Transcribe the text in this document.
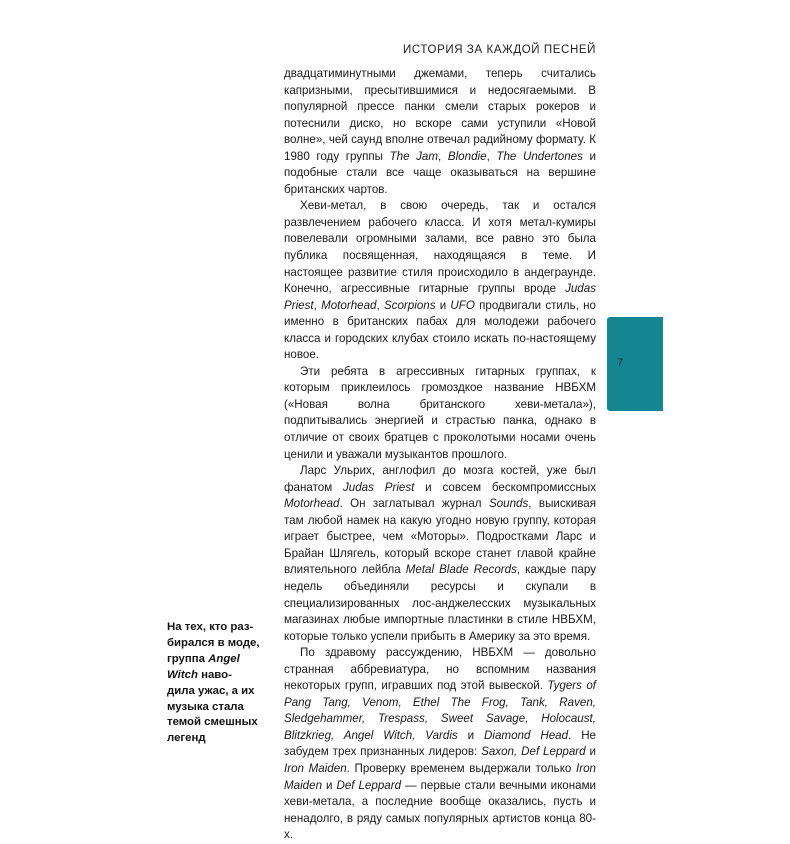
ИСТОРИЯ ЗА КАЖДОЙ ПЕСНЕЙ

двадцатиминутными джемами, теперь считались капризными, пресытившимися и недосягаемыми. В популярной прессе панки смели старых рокеров и потеснили диско, но вскоре сами уступили «Новой волне», чей саунд вполне отвечал радийному формату. К 1980 году группы The Jam, Blondie, The Undertones и подобные стали все чаще оказываться на вершине британских чартов.

Хеви-метал, в свою очередь, так и остался развлечением рабочего класса. И хотя метал-кумиры повелевали огромными залами, все равно это была публика посвященная, находящаяся в теме. И настоящее развитие стиля происходило в андеграунде. Конечно, агрессивные гитарные группы вроде Judas Priest, Motorhead, Scorpions и UFO продвигали стиль, но именно в британских пабах для молодежи рабочего класса и городских клубах стоило искать по-настоящему новое.

Эти ребята в агрессивных гитарных группах, к которым приклеилось громоздкое название НВБХМ («Новая волна британского хеви-метала»), подпитывались энергией и страстью панка, однако в отличие от своих братцев с проколотыми носами очень ценили и уважали музыкантов прошлого.

Ларс Ульрих, англофил до мозга костей, уже был фанатом Judas Priest и совсем бескомпромиссных Motorhead. Он заглатывал журнал Sounds, выискивая там любой намек на какую угодно новую группу, которая играет быстрее, чем «Моторы». Подростками Ларс и Брайан Шлягель, который вскоре станет главой крайне влиятельного лейбла Metal Blade Records, каждые пару недель объединяли ресурсы и скупали в специализированных лос-анджелесских музыкальных магазинах любые импортные пластинки в стиле НВБХМ, которые только успели прибыть в Америку за это время.

По здравому рассуждению, НВБХМ — довольно странная аббревиатура, но вспомним названия некоторых групп, игравших под этой вывеской. Tygers of Pang Tang, Venom, Ethel The Frog, Tank, Raven, Sledgehammer, Trespass, Sweet Savage, Holocaust, Blitzkrieg, Angel Witch, Vardis и Diamond Head. Не забудем трех признанных лидеров: Saxon, Def Leppard и Iron Maiden. Проверку временем выдержали только Iron Maiden и Def Leppard — первые стали вечными иконами хеви-метала, а последние вообще оказались, пусть и ненадолго, в ряду самых популярных артистов конца 80-х.

7
На тех, кто раз-
бирался в моде,
группа Angel
Witch наво-
дила ужас, а их
музыка стала
темой смешных
легенд
